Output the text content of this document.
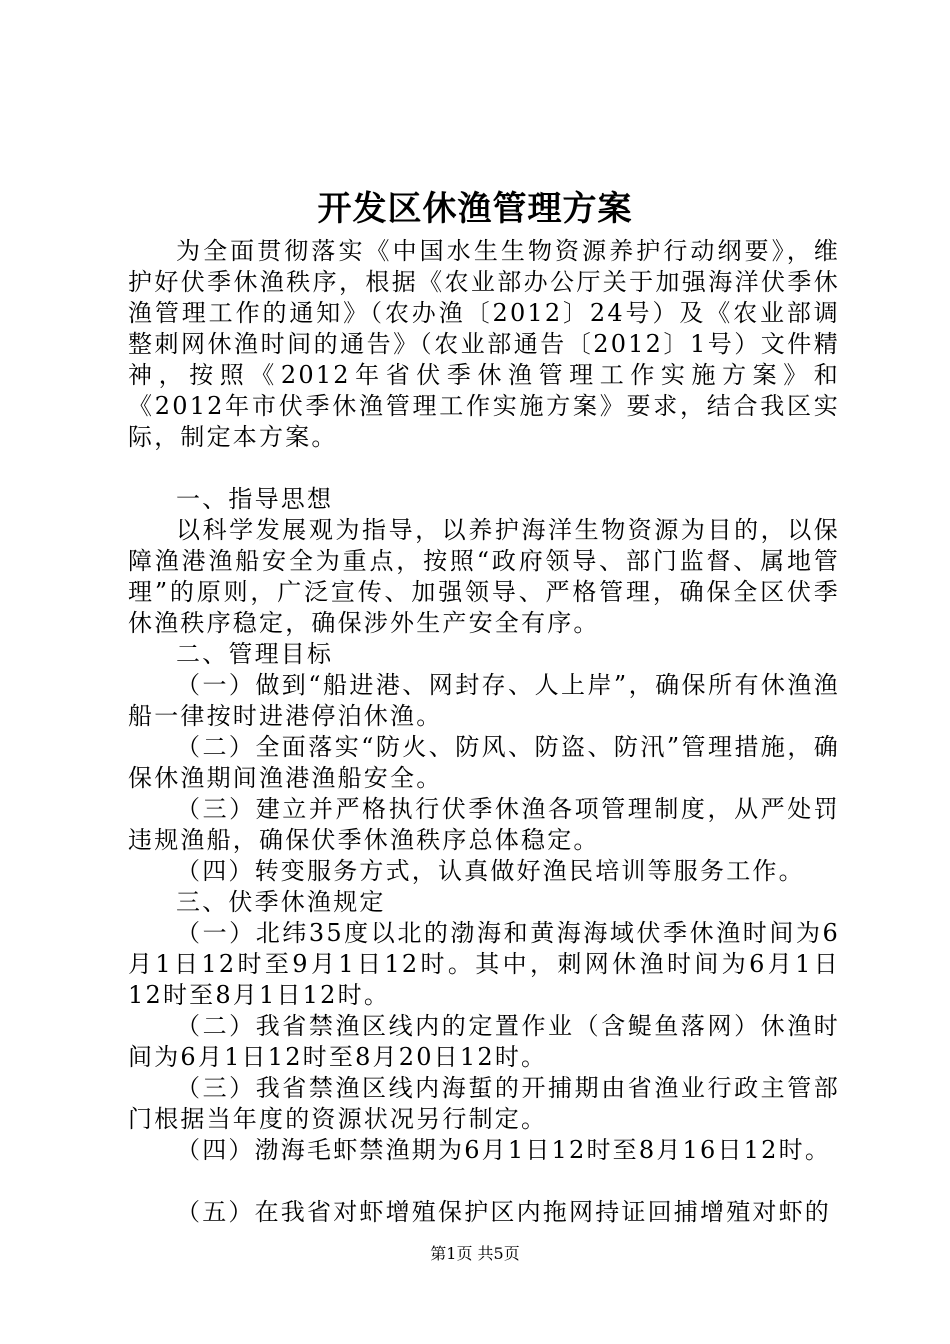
开发区休渔管理方案

为全面贯彻落实《中国水生生物资源养护行动纲要》，维护好伏季休渔秩序，根据《农业部办公厅关于加强海洋伏季休渔管理工作的通知》（农办渔〔2012〕24号）及《农业部调整刺网休渔时间的通告》（农业部通告〔2012〕1号）文件精神，按照《2012年省伏季休渔管理工作实施方案》和《2012年市伏季休渔管理工作实施方案》要求，结合我区实际，制定本方案。

一、指导思想

以科学发展观为指导，以养护海洋生物资源为目的，以保障渔港渔船安全为重点，按照“政府领导、部门监督、属地管理”的原则，广泛宣传、加强领导、严格管理，确保全区伏季休渔秩序稳定，确保涉外生产安全有序。

二、管理目标

（一）做到“船进港、网封存、人上岸”，确保所有休渔渔船一律按时进港停泊休渔。

（二）全面落实“防火、防风、防盗、防汛”管理措施，确保休渔期间渔港渔船安全。

（三）建立并严格执行伏季休渔各项管理制度，从严处罚违规渔船，确保伏季休渔秩序总体稳定。

（四）转变服务方式，认真做好渔民培训等服务工作。

三、伏季休渔规定

（一）北纬35度以北的渤海和黄海海域伏季休渔时间为6月1日12时至9月1日12时。其中，刺网休渔时间为6月1日12时至8月1日12时。

（二）我省禁渔区线内的定置作业（含鳀鱼落网）休渔时间为6月1日12时至8月20日12时。

（三）我省禁渔区线内海蜇的开捕期由省渔业行政主管部门根据当年度的资源状况另行制定。

（四）渤海毛虾禁渔期为6月1日12时至8月16日12时。

（五）在我省对虾增殖保护区内拖网持证回捕增殖对虾的

第1页 共5页
